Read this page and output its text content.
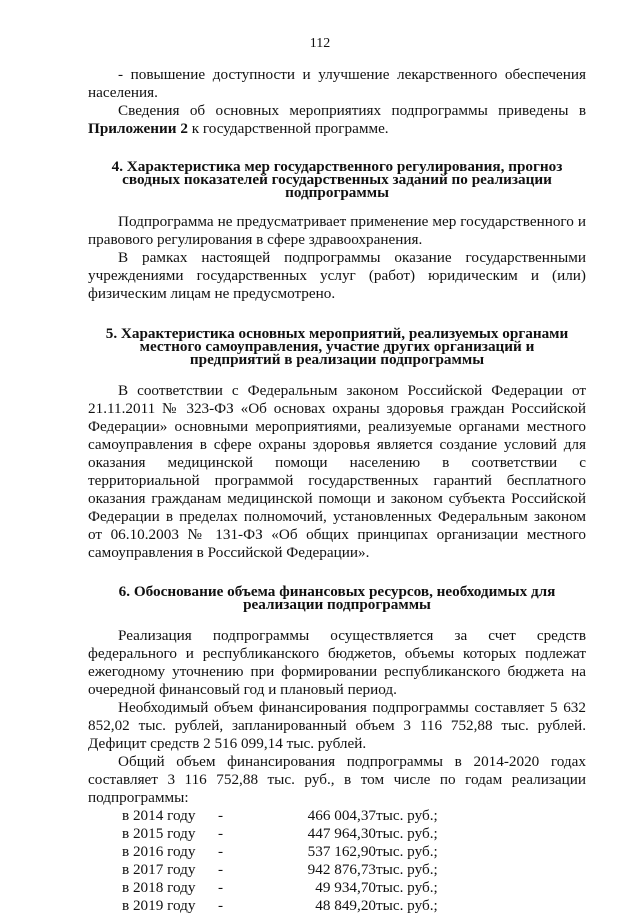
112

- повышение доступности и улучшение лекарственного обеспечения населения.

Сведения об основных мероприятиях подпрограммы приведены в

Приложении 2 к государственной программе.

4. Характеристика мер государственного регулирования, прогноз сводных показателей государственных заданий по реализации подпрограммы

Подпрограмма не предусматривает применение мер государственного и правового регулирования в сфере здравоохранения.

В рамках настоящей подпрограммы оказание государственными учреждениями государственных услуг (работ) юридическим и (или) физическим лицам не предусмотрено.

5. Характеристика основных мероприятий, реализуемых органами местного самоуправления, участие других организаций и предприятий в реализации подпрограммы

В соответствии с Федеральным законом Российской Федерации от 21.11.2011 № 323-ФЗ «Об основах охраны здоровья граждан Российской Федерации» основными мероприятиями, реализуемые органами местного самоуправления в сфере охраны здоровья является создание условий для оказания медицинской помощи населению в соответствии с территориальной программой государственных гарантий бесплатного оказания гражданам медицинской помощи и законом субъекта Российской Федерации в пределах полномочий, установленных Федеральным законом от 06.10.2003 № 131-ФЗ «Об общих принципах организации местного самоуправления в Российской Федерации».

6. Обоснование объема финансовых ресурсов, необходимых для реализации подпрограммы

Реализация подпрограммы осуществляется за счет средств федерального и республиканского бюджетов, объемы которых подлежат ежегодному уточнению при формировании республиканского бюджета на очередной финансовый год и плановый период.

Необходимый объем финансирования подпрограммы составляет 5 632 852,02 тыс. рублей, запланированный объем 3 116 752,88 тыс. рублей. Дефицит средств 2 516 099,14 тыс. рублей.

Общий объем финансирования подпрограммы в 2014-2020 годах составляет 3 116 752,88 тыс. руб., в том числе по годам реализации подпрограммы:

в 2014 году	-	466 004,37	тыс. руб.;
в 2015 году	-	447 964,30	тыс. руб.;
в 2016 году	-	537 162,90	тыс. руб.;
в 2017 году	-	942 876,73	тыс. руб.;
в 2018 году	-	49 934,70	тыс. руб.;
в 2019 году	-	48 849,20	тыс. руб.;
